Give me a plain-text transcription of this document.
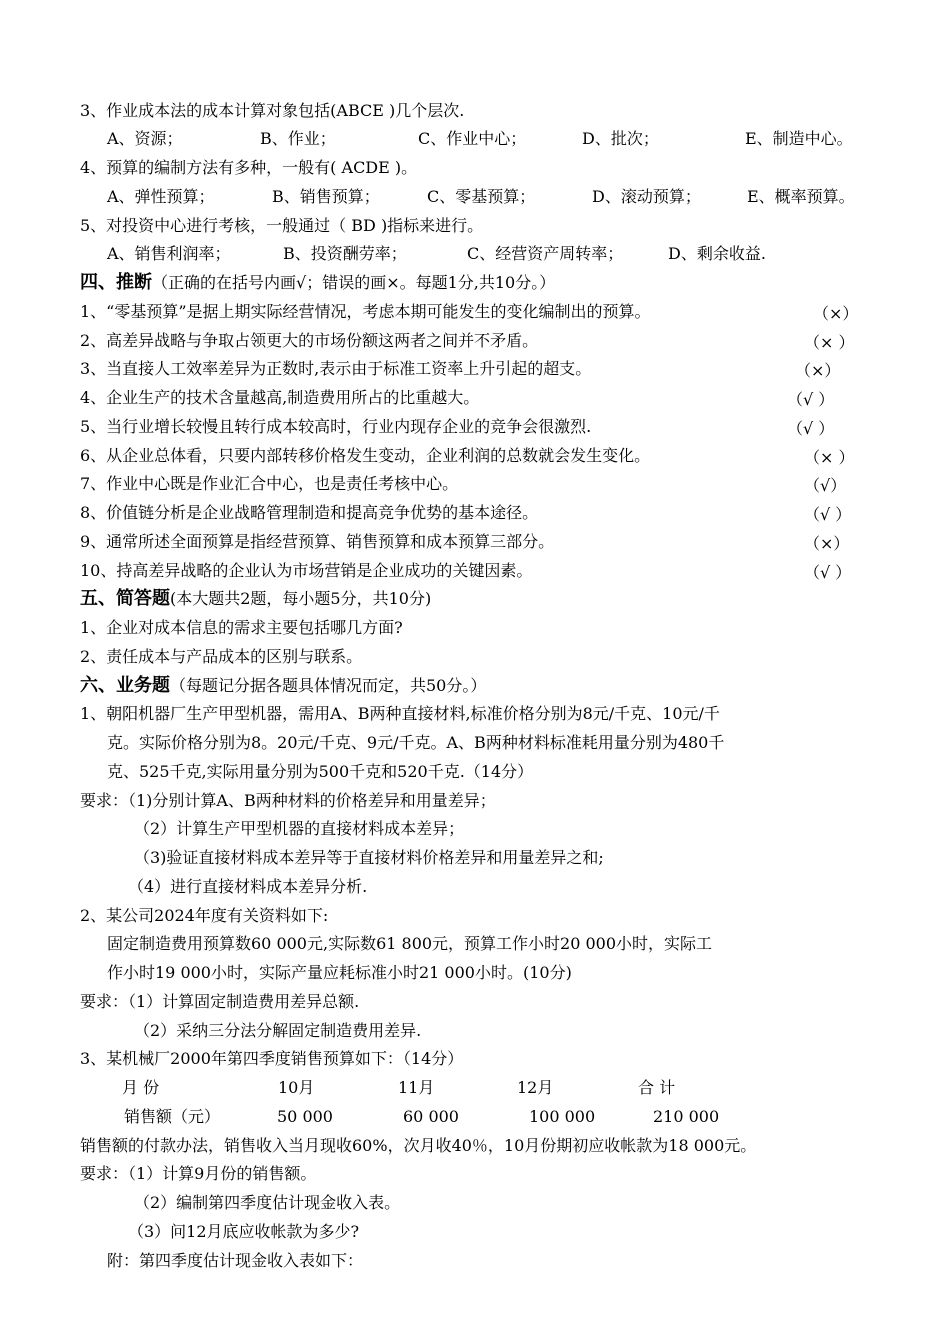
3、作业成本法的成本计算对象包括(ABCE )几个层次.
A、资源；	B、作业；	C、作业中心；	D、批次；	E、制造中心。
4、预算的编制方法有多种，一般有( ACDE )。
A、弹性预算；	B、销售预算；	C、零基预算；	D、滚动预算；	E、概率预算。
5、对投资中心进行考核，一般通过（ BD )指标来进行。
A、销售利润率；	B、投资酬劳率；	C、经营资产周转率；	D、剩余收益.
四、推断（正确的在括号内画√；错误的画×。每题1分,共10分。）
1、“零基预算”是据上期实际经营情况，考虑本期可能发生的变化编制出的预算。	（×）
2、高差异战略与争取占领更大的市场份额这两者之间并不矛盾。	（× ）
3、当直接人工效率差异为正数时,表示由于标准工资率上升引起的超支。	（×）
4、企业生产的技术含量越高,制造费用所占的比重越大。	（√ ）
5、当行业增长较慢且转行成本较高时，行业内现存企业的竞争会很激烈.	（√ ）
6、从企业总体看，只要内部转移价格发生变动，企业利润的总数就会发生变化。	（× ）
7、作业中心既是作业汇合中心，也是责任考核中心。	（√）
8、价值链分析是企业战略管理制造和提高竞争优势的基本途径。	（√ ）
9、通常所述全面预算是指经营预算、销售预算和成本预算三部分。	（×）
10、持高差异战略的企业认为市场营销是企业成功的关键因素。	（√ ）
五、简答题(本大题共2题，每小题5分，共10分)
1、企业对成本信息的需求主要包括哪几方面?
2、责任成本与产品成本的区别与联系。
六、业务题（每题记分据各题具体情况而定，共50分。）
1、朝阳机器厂生产甲型机器，需用A、B两种直接材料,标准价格分别为8元/千克、10元/千
克。实际价格分别为8。20元/千克、9元/千克。A、B两种材料标准耗用量分别为480千
克、525千克,实际用量分别为500千克和520千克.（14分）
要求：（1)分别计算A、B两种材料的价格差异和用量差异；
（2）计算生产甲型机器的直接材料成本差异；
（3)验证直接材料成本差异等于直接材料价格差异和用量差异之和;
（4）进行直接材料成本差异分析.
2、某公司2024年度有关资料如下:
固定制造费用预算数60 000元,实际数61 800元，预算工作小时20 000小时，实际工
作小时19 000小时，实际产量应耗标准小时21 000小时。(10分)
要求：（1）计算固定制造费用差异总额.
（2）采纳三分法分解固定制造费用差异.
3、某机械厂2000年第四季度销售预算如下：（14分）
月 份	10月	11月	12月	合 计
销售额（元）	50 000	60 000	100 000	210 000
销售额的付款办法，销售收入当月现收60%，次月收40％，10月份期初应收帐款为18 000元。
要求：（1）计算9月份的销售额。
（2）编制第四季度估计现金收入表。
（3）问12月底应收帐款为多少?
附：第四季度估计现金收入表如下：
